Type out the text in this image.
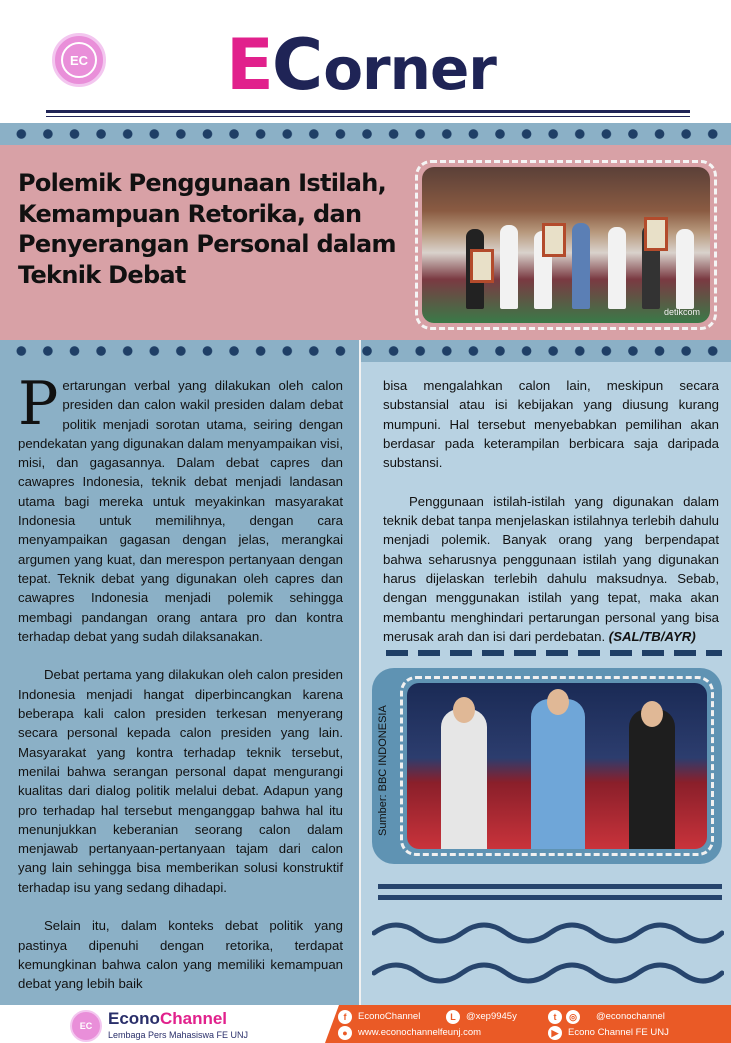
EC E C orner
Polemik Penggunaan Istilah, Kemampuan Retorika, dan Penyerangan Personal dalam Teknik Debat
detikcom

P ertarungan verbal yang dilakukan oleh calon presiden dan calon wakil presiden dalam debat politik menjadi sorotan utama, seiring dengan pendekatan yang digunakan dalam menyampaikan visi, misi, dan gagasannya. Dalam debat capres dan cawapres Indonesia, teknik debat menjadi landasan utama bagi mereka untuk meyakinkan masyarakat Indonesia untuk memilihnya, dengan cara menyampaikan gagasan dengan jelas, merangkai argumen yang kuat, dan merespon pertanyaan dengan tepat. Teknik debat yang digunakan oleh capres dan cawapres Indonesia menjadi polemik sehingga membagi pandangan orang antara pro dan kontra terhadap debat yang sudah dilaksanakan.

Debat pertama yang dilakukan oleh calon presiden Indonesia menjadi hangat diperbincangkan karena beberapa kali calon presiden terkesan menyerang secara personal kepada calon presiden yang lain. Masyarakat yang kontra terhadap teknik tersebut, menilai bahwa serangan personal dapat mengurangi kualitas dari dialog politik melalui debat. Adapun yang pro terhadap hal tersebut menganggap bahwa hal itu menunjukkan keberanian seorang calon dalam menjawab pertanyaan-pertanyaan tajam dari calon yang lain sehingga bisa memberikan solusi konstruktif terhadap isu yang sedang dihadapi.

Selain itu, dalam konteks debat politik yang pastinya dipenuhi dengan retorika, terdapat kemungkinan bahwa calon yang memiliki kemampuan debat yang lebih baik

bisa mengalahkan calon lain, meskipun secara substansial atau isi kebijakan yang diusung kurang mumpuni. Hal tersebut menyebabkan pemilihan akan berdasar pada keterampilan berbicara saja daripada substansi.

Penggunaan istilah-istilah yang digunakan dalam teknik debat tanpa menjelaskan istilahnya terlebih dahulu menjadi polemik. Banyak orang yang berpendapat bahwa seharusnya penggunaan istilah yang digunakan harus dijelaskan terlebih dahulu maksudnya. Sebab, dengan menggunakan istilah yang tepat, maka akan membantu menghindari pertarungan personal yang bisa merusak arah dan isi dari perdebatan. (SAL/TB/AYR)

Sumber: BBC INDONESIA
EC EconoChannel
Lembaga Pers Mahasiswa FE UNJ
f	EconoChannel	L	@xep9945y	t	◎	@econochannel
●	www.econochannelfeunj.com	▶	Econo Channel FE UNJ
